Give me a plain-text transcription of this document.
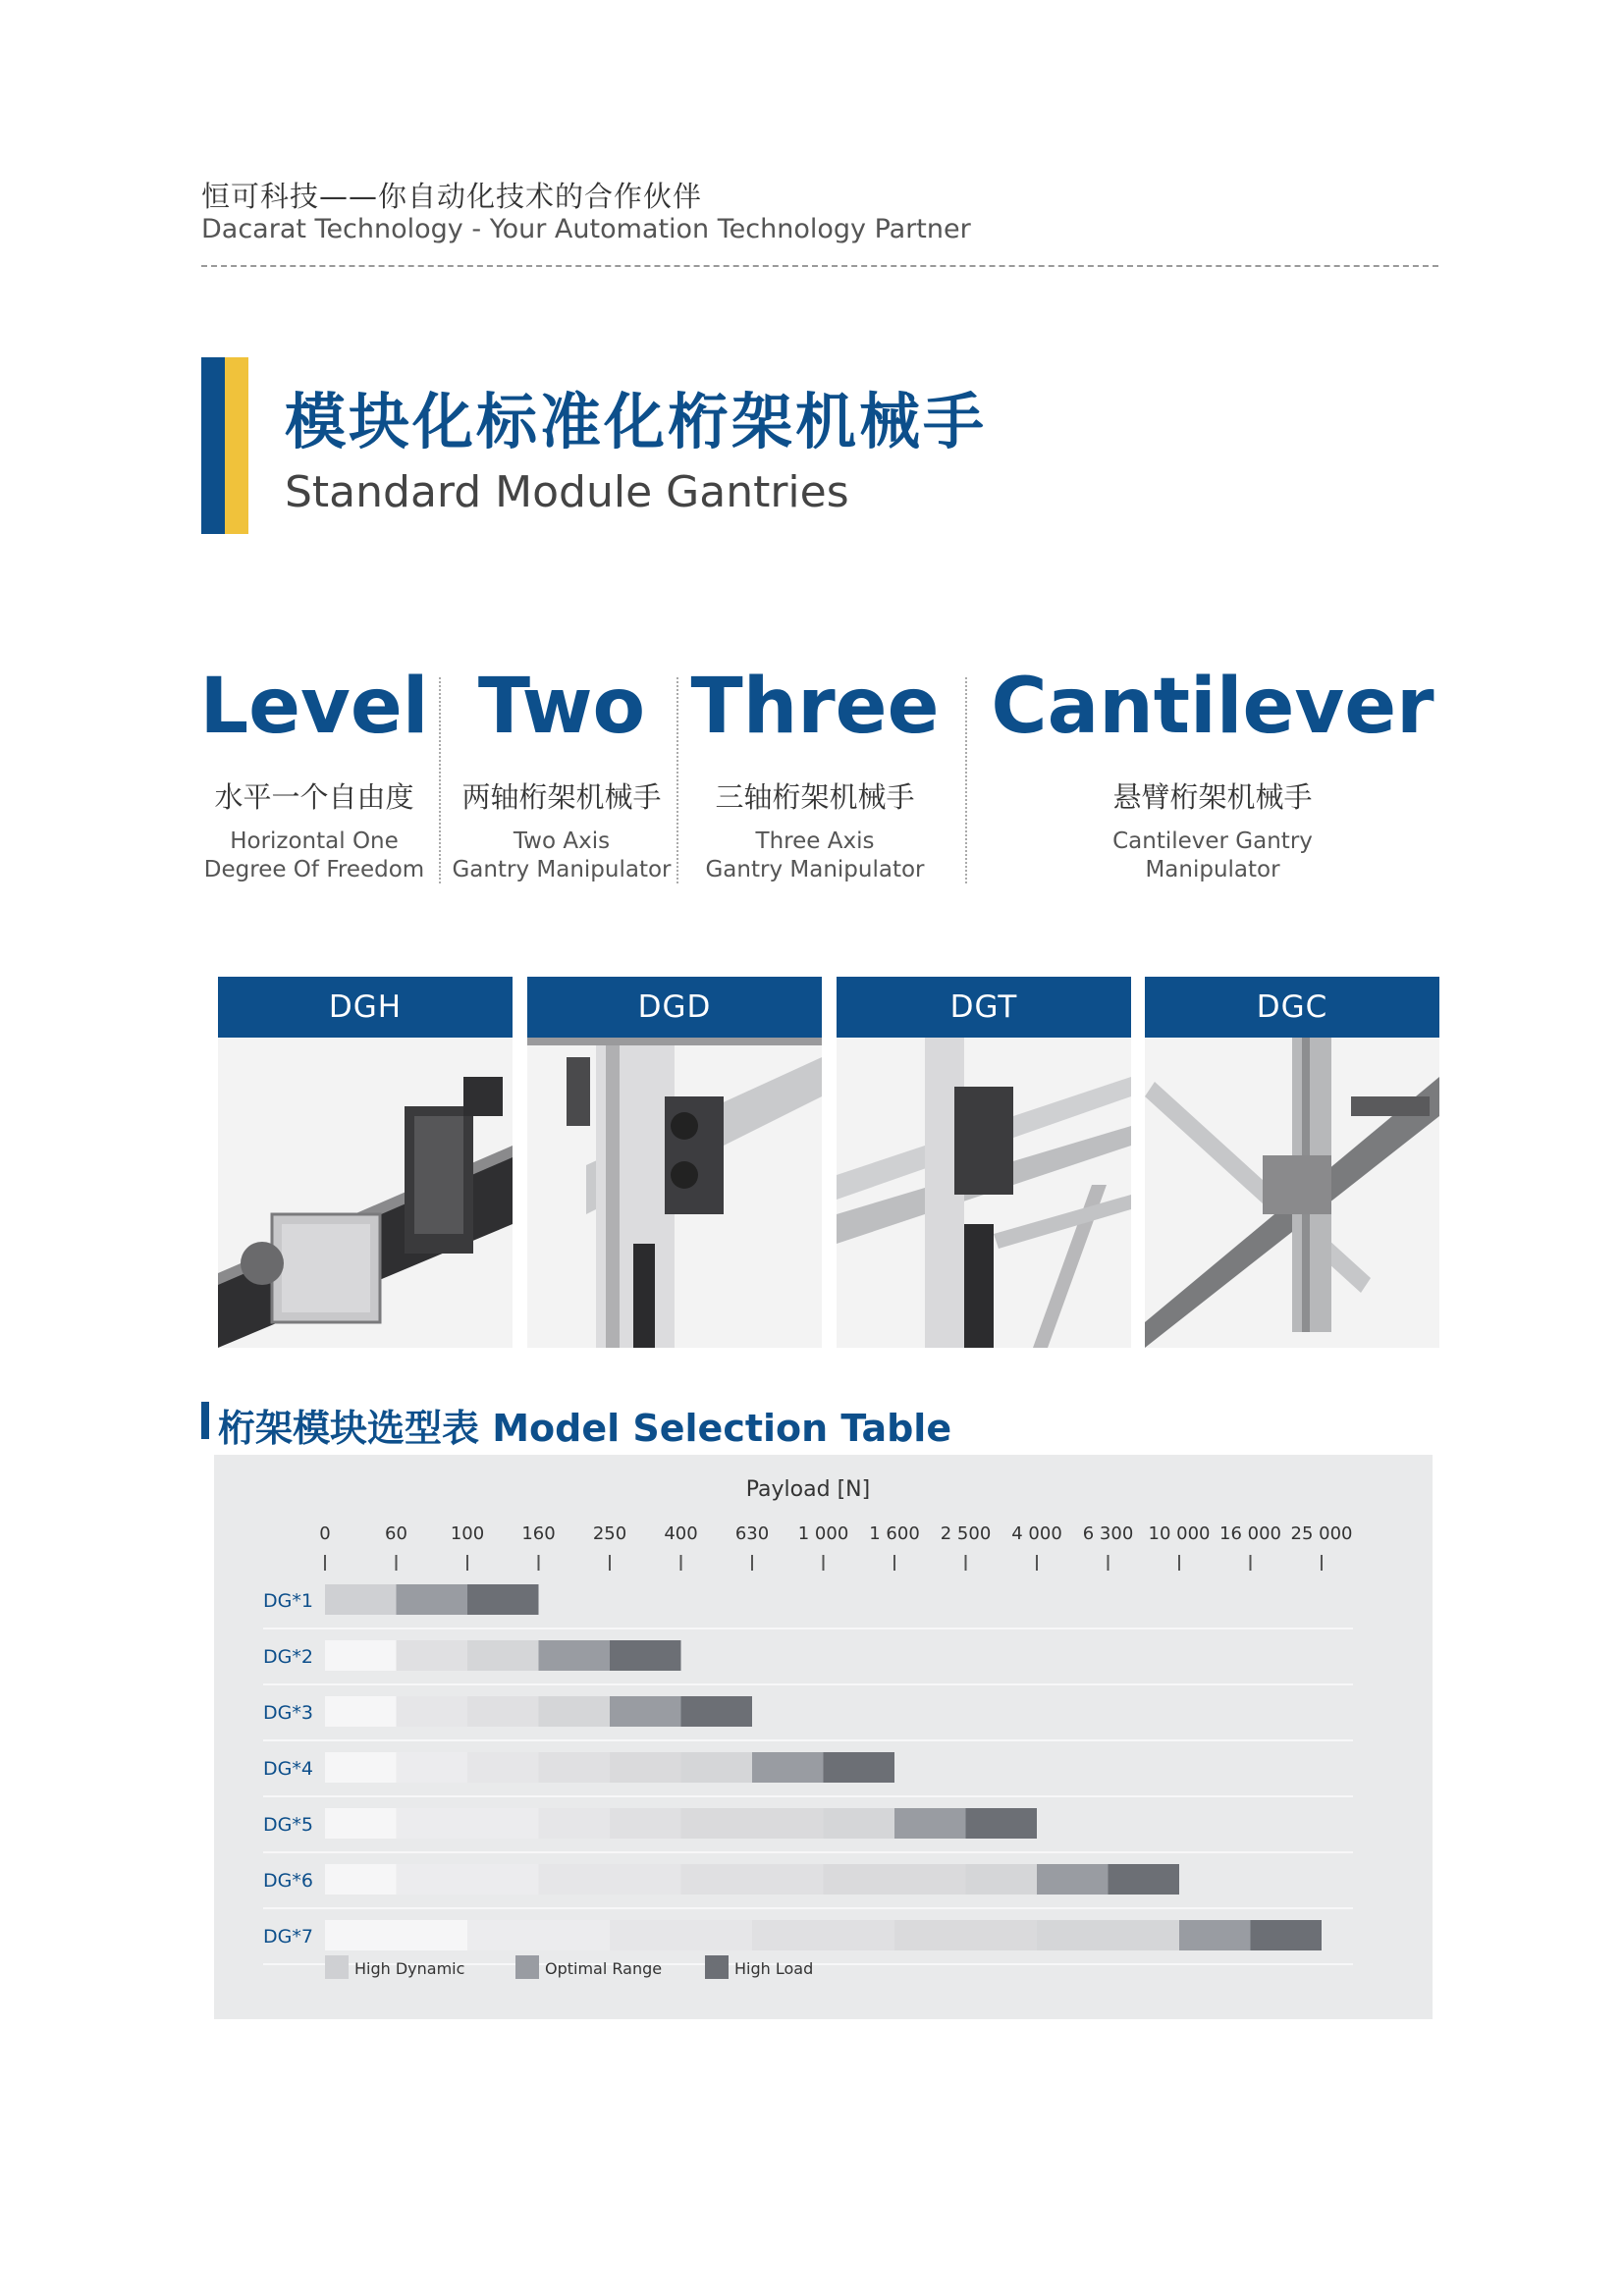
恒可科技——你自动化技术的合作伙伴
Dacarat Technology - Your Automation Technology Partner
模块化标准化桁架机械手
Standard Module Gantries
Level
水平一个自由度
Horizontal One
Degree Of Freedom
Two
两轴桁架机械手
Two Axis
Gantry Manipulator
Three
三轴桁架机械手
Three Axis
Gantry Manipulator
Cantilever
悬臂桁架机械手
Cantilever Gantry
Manipulator
DGH	DGD	DGT	DGC
桁架模块选型表 Model Selection Table
Payload [N]
0	60 100 160 250 400 630 1 000 1 600 2 500 4 000 6 300 10 000 16 000 25 000
DG*1
DG*2
DG*3
DG*4
DG*5
DG*6
DG*7
High Dynamic	Optimal Range	High Load
